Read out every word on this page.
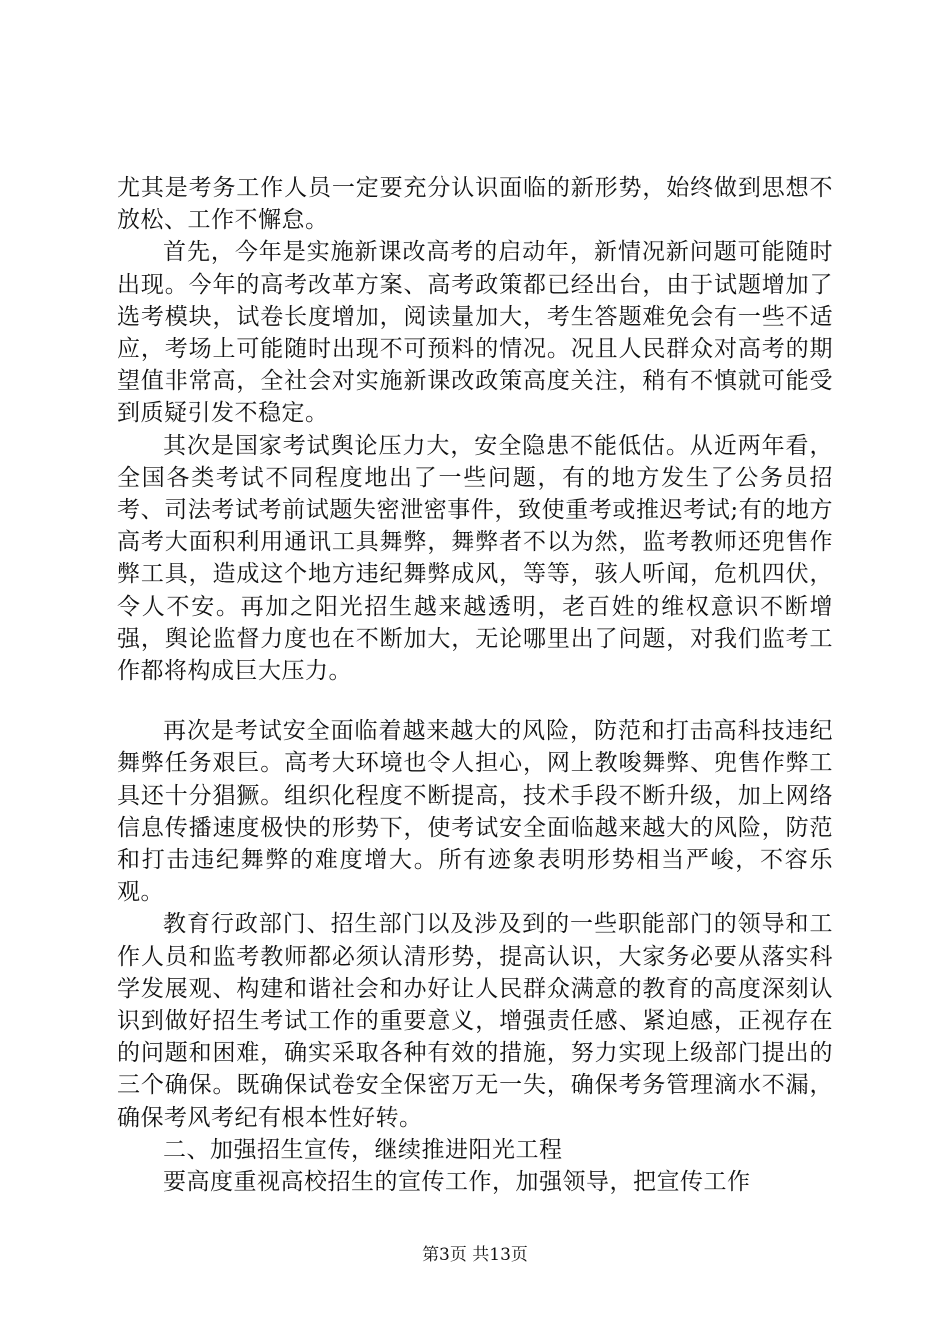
尤其是考务工作人员一定要充分认识面临的新形势，始终做到思想不放松、工作不懈怠。

首先，今年是实施新课改高考的启动年，新情况新问题可能随时出现。今年的高考改革方案、高考政策都已经出台，由于试题增加了选考模块，试卷长度增加，阅读量加大，考生答题难免会有一些不适应，考场上可能随时出现不可预料的情况。况且人民群众对高考的期望值非常高，全社会对实施新课改政策高度关注，稍有不慎就可能受到质疑引发不稳定。

其次是国家考试舆论压力大，安全隐患不能低估。从近两年看，全国各类考试不同程度地出了一些问题，有的地方发生了公务员招考、司法考试考前试题失密泄密事件，致使重考或推迟考试;有的地方高考大面积利用通讯工具舞弊，舞弊者不以为然，监考教师还兜售作弊工具，造成这个地方违纪舞弊成风，等等，骇人听闻，危机四伏，令人不安。再加之阳光招生越来越透明，老百姓的维权意识不断增强，舆论监督力度也在不断加大，无论哪里出了问题，对我们监考工作都将构成巨大压力。

再次是考试安全面临着越来越大的风险，防范和打击高科技违纪舞弊任务艰巨。高考大环境也令人担心，网上教唆舞弊、兜售作弊工具还十分猖獗。组织化程度不断提高，技术手段不断升级，加上网络信息传播速度极快的形势下，使考试安全面临越来越大的风险，防范和打击违纪舞弊的难度增大。所有迹象表明形势相当严峻，不容乐观。

教育行政部门、招生部门以及涉及到的一些职能部门的领导和工作人员和监考教师都必须认清形势，提高认识，大家务必要从落实科学发展观、构建和谐社会和办好让人民群众满意的教育的高度深刻认识到做好招生考试工作的重要意义，增强责任感、紧迫感，正视存在的问题和困难，确实采取各种有效的措施，努力实现上级部门提出的三个确保。既确保试卷安全保密万无一失，确保考务管理滴水不漏，确保考风考纪有根本性好转。

二、加强招生宣传，继续推进阳光工程

要高度重视高校招生的宣传工作，加强领导，把宣传工作

第3页 共13页
